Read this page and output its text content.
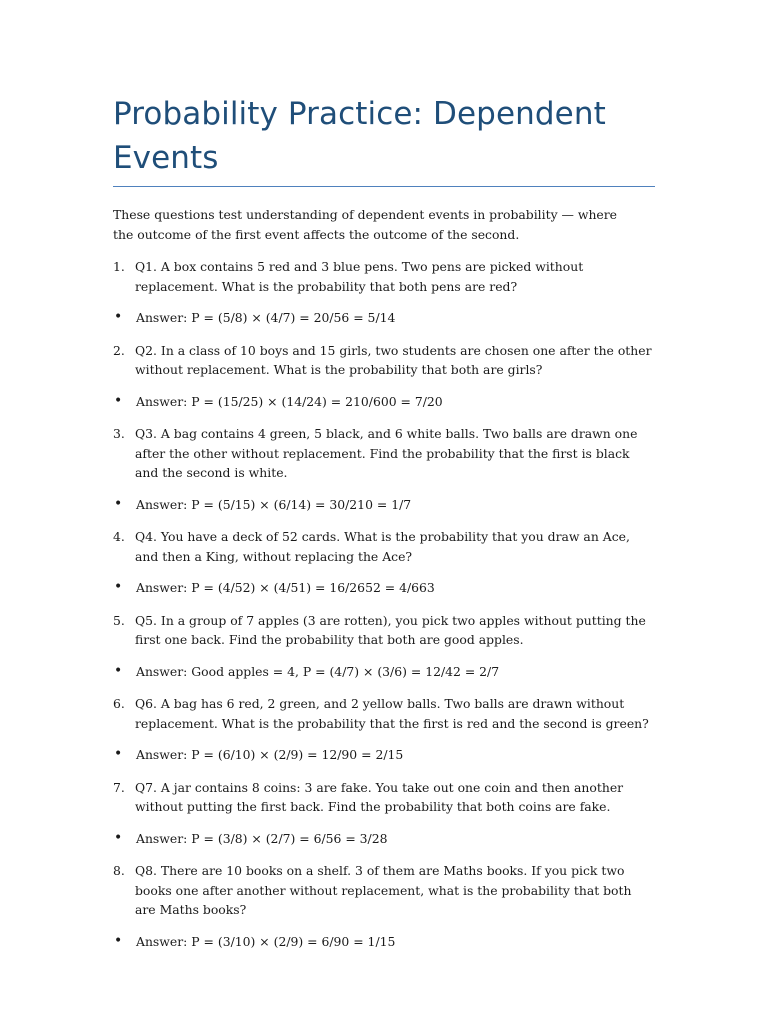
Probability Practice: Dependent Events

These questions test understanding of dependent events in probability — where the outcome of the first event affects the outcome of the second.

1. Q1. A box contains 5 red and 3 blue pens. Two pens are picked without replacement. What is the probability that both pens are red?
•	Answer: P = (5/8) × (4/7) = 20/56 = 5/14
2. Q2. In a class of 10 boys and 15 girls, two students are chosen one after the other without replacement. What is the probability that both are girls?
•	Answer: P = (15/25) × (14/24) = 210/600 = 7/20
3. Q3. A bag contains 4 green, 5 black, and 6 white balls. Two balls are drawn one after the other without replacement. Find the probability that the first is black and the second is white.
•	Answer: P = (5/15) × (6/14) = 30/210 = 1/7
4. Q4. You have a deck of 52 cards. What is the probability that you draw an Ace, and then a King, without replacing the Ace?
•	Answer: P = (4/52) × (4/51) = 16/2652 = 4/663
5. Q5. In a group of 7 apples (3 are rotten), you pick two apples without putting the first one back. Find the probability that both are good apples.
•	Answer: Good apples = 4, P = (4/7) × (3/6) = 12/42 = 2/7
6. Q6. A bag has 6 red, 2 green, and 2 yellow balls. Two balls are drawn without replacement. What is the probability that the first is red and the second is green?
•	Answer: P = (6/10) × (2/9) = 12/90 = 2/15
7. Q7. A jar contains 8 coins: 3 are fake. You take out one coin and then another without putting the first back. Find the probability that both coins are fake.
•	Answer: P = (3/8) × (2/7) = 6/56 = 3/28
8. Q8. There are 10 books on a shelf. 3 of them are Maths books. If you pick two books one after another without replacement, what is the probability that both are Maths books?
•	Answer: P = (3/10) × (2/9) = 6/90 = 1/15
